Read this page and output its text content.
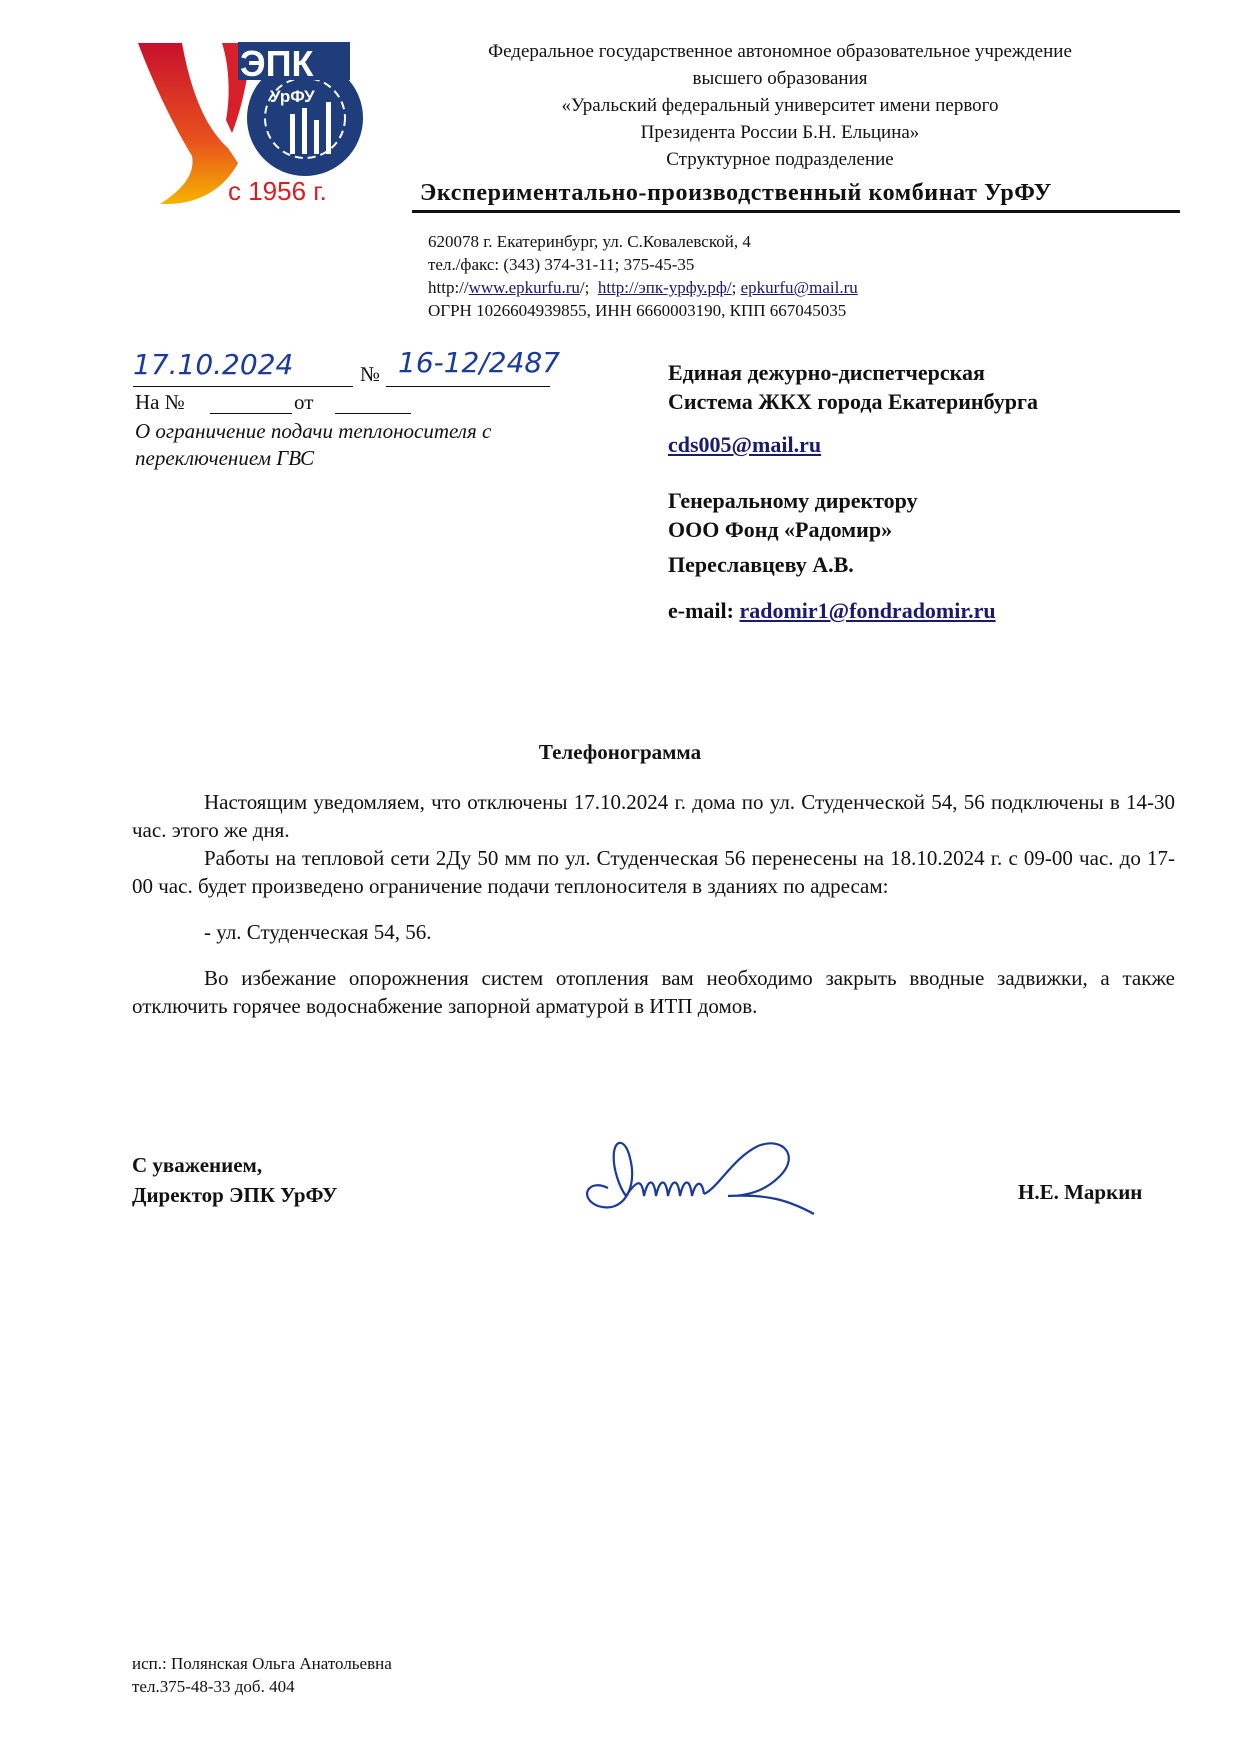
ЭПК
УрФУ
с 1956 г.
Федеральное государственное автономное образовательное учреждение
высшего образования
«Уральский федеральный университет имени первого
Президента России Б.Н. Ельцина»
Структурное подразделение
Экспериментально-производственный комбинат УрФУ
620078 г. Екатеринбург, ул. С.Ковалевской, 4
тел./факс: (343) 374-31-11; 375-45-35
http://www.epkurfu.ru/; http://эпк-урфу.рф/; epkurfu@mail.ru
ОГРН 1026604939855, ИНН 6660003190, КПП 667045035
17.10.2024	№ 16-12/2487
На №	от
О ограничение подачи теплоносителя с переключением ГВС
Единая дежурно-диспетчерская
Система ЖКХ города Екатеринбурга
cds005@mail.ru
Генеральному директору
ООО Фонд «Радомир»
Переславцеву А.В.
e-mail: radomir1@fondradomir.ru
Телефонограмма

Настоящим уведомляем, что отключены 17.10.2024 г. дома по ул. Студенческой 54, 56 подключены в 14-30 час. этого же дня.

Работы на тепловой сети 2Ду 50 мм по ул. Студенческая 56 перенесены на 18.10.2024 г. с 09-00 час. до 17-00 час. будет произведено ограничение подачи теплоносителя в зданиях по адресам:

- ул. Студенческая 54, 56.

Во избежание опорожнения систем отопления вам необходимо закрыть вводные задвижки, а также отключить горячее водоснабжение запорной арматурой в ИТП домов.

С уважением,
Директор ЭПК УрФУ	Н.Е. Маркин
исп.: Полянская Ольга Анатольевна
тел.375-48-33 доб. 404
